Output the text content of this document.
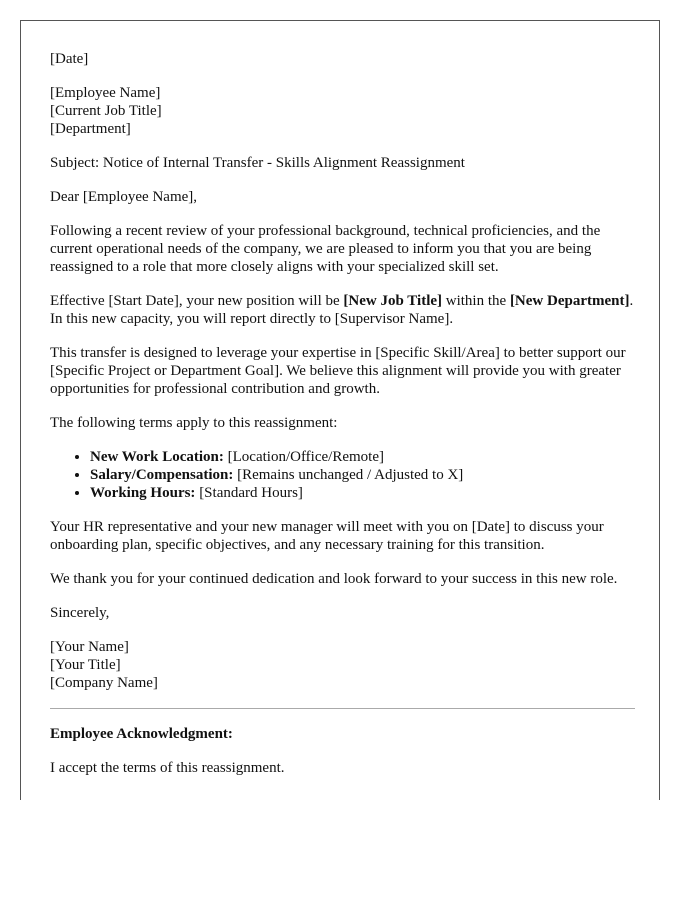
[Date]

[Employee Name]
[Current Job Title]
[Department]

Subject: Notice of Internal Transfer - Skills Alignment Reassignment

Dear [Employee Name],

Following a recent review of your professional background, technical proficiencies, and the current operational needs of the company, we are pleased to inform you that you are being reassigned to a role that more closely aligns with your specialized skill set.

Effective [Start Date], your new position will be [New Job Title] within the [New Department]. In this new capacity, you will report directly to [Supervisor Name].

This transfer is designed to leverage your expertise in [Specific Skill/Area] to better support our [Specific Project or Department Goal]. We believe this alignment will provide you with greater opportunities for professional contribution and growth.

The following terms apply to this reassignment:

• New Work Location: [Location/Office/Remote]
• Salary/Compensation: [Remains unchanged / Adjusted to X]
• Working Hours: [Standard Hours]

Your HR representative and your new manager will meet with you on [Date] to discuss your onboarding plan, specific objectives, and any necessary training for this transition.

We thank you for your continued dedication and look forward to your success in this new role.

Sincerely,

[Your Name]
[Your Title]
[Company Name]

Employee Acknowledgment:

I accept the terms of this reassignment.
